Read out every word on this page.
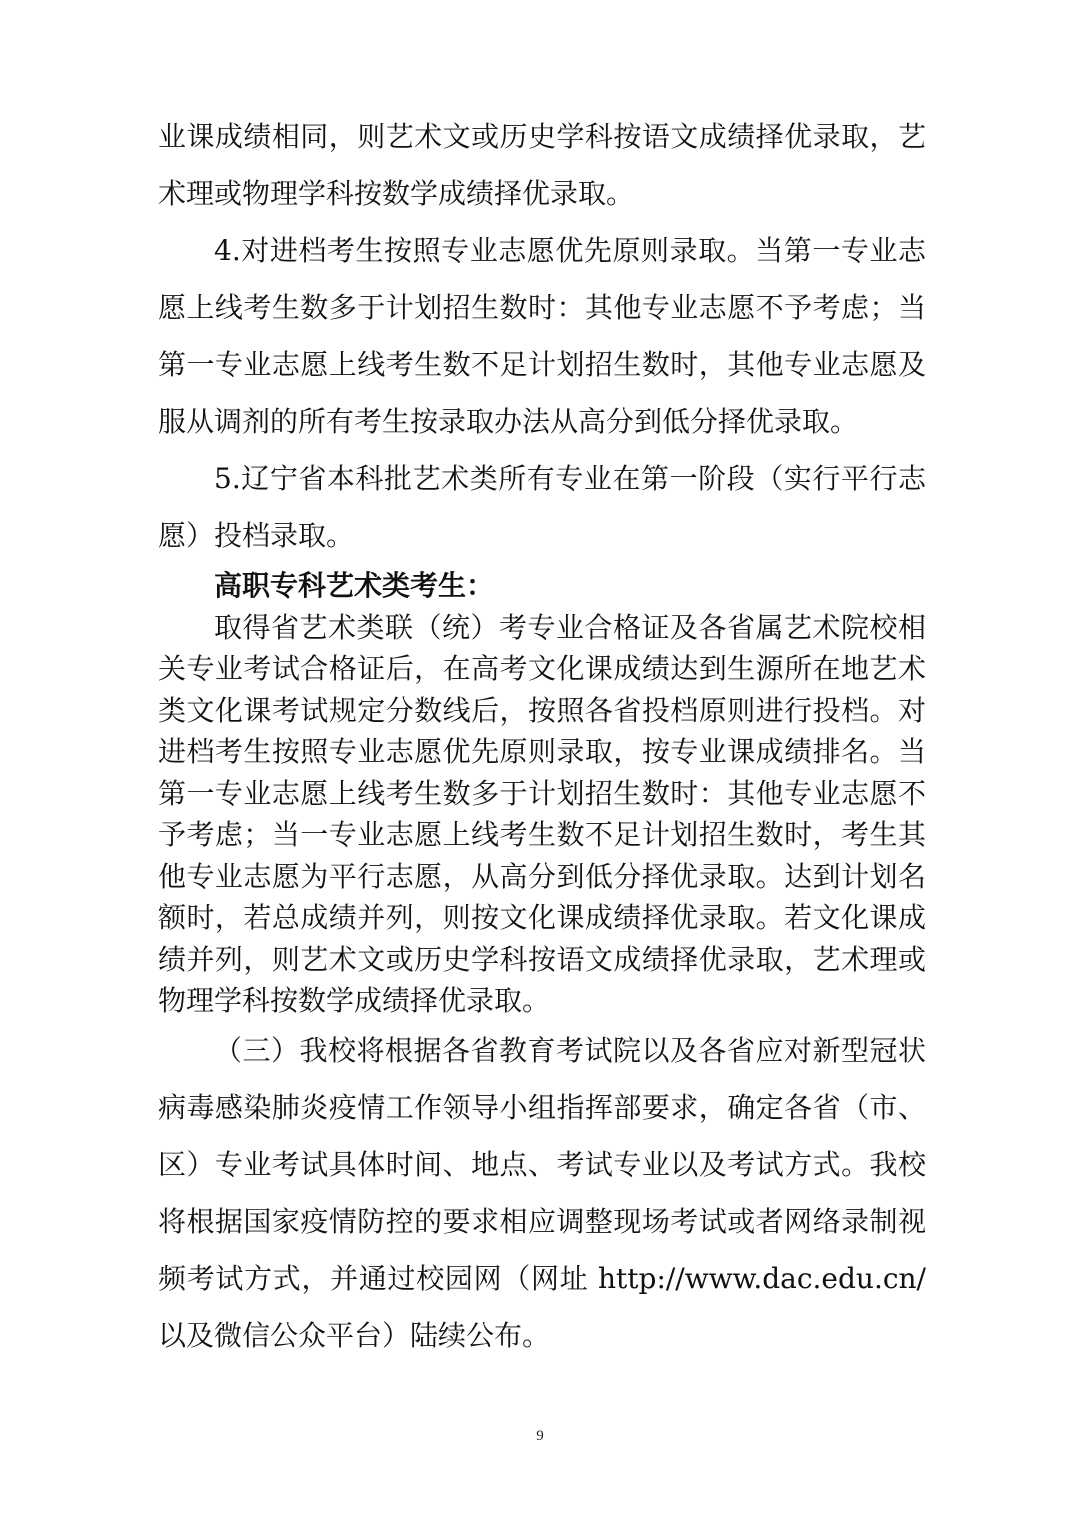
业课成绩相同，则艺术文或历史学科按语文成绩择优录取，艺术理或物理学科按数学成绩择优录取。

4.对进档考生按照专业志愿优先原则录取。当第一专业志愿上线考生数多于计划招生数时：其他专业志愿不予考虑；当第一专业志愿上线考生数不足计划招生数时，其他专业志愿及服从调剂的所有考生按录取办法从高分到低分择优录取。

5.辽宁省本科批艺术类所有专业在第一阶段（实行平行志愿）投档录取。

高职专科艺术类考生：

取得省艺术类联（统）考专业合格证及各省属艺术院校相关专业考试合格证后，在高考文化课成绩达到生源所在地艺术类文化课考试规定分数线后，按照各省投档原则进行投档。对进档考生按照专业志愿优先原则录取，按专业课成绩排名。当第一专业志愿上线考生数多于计划招生数时：其他专业志愿不予考虑；当一专业志愿上线考生数不足计划招生数时，考生其他专业志愿为平行志愿，从高分到低分择优录取。达到计划名额时，若总成绩并列，则按文化课成绩择优录取。若文化课成绩并列，则艺术文或历史学科按语文成绩择优录取，艺术理或物理学科按数学成绩择优录取。

（三）我校将根据各省教育考试院以及各省应对新型冠状病毒感染肺炎疫情工作领导小组指挥部要求，确定各省（市、区）专业考试具体时间、地点、考试专业以及考试方式。我校将根据国家疫情防控的要求相应调整现场考试或者网络录制视频考试方式，并通过校园网（网址 http://www.dac.edu.cn/以及微信公众平台）陆续公布。

9
